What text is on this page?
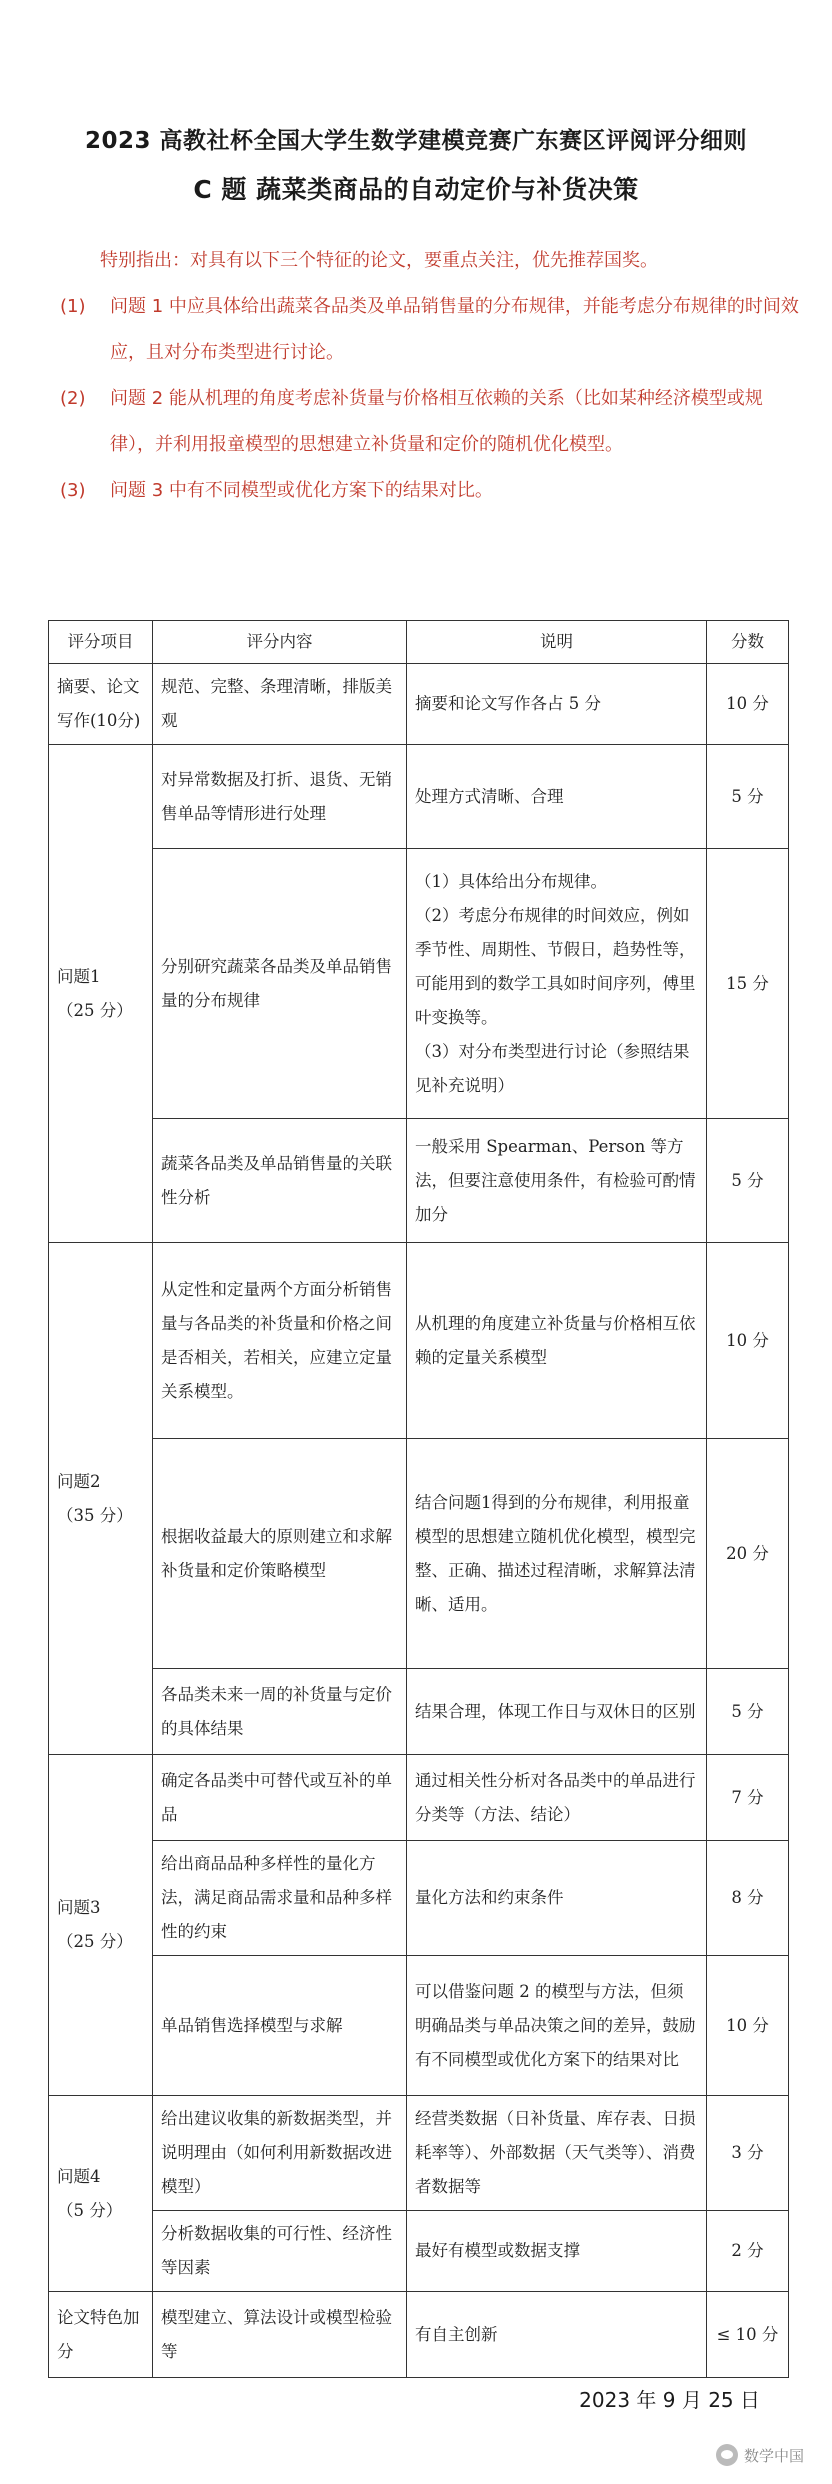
2023 高教社杯全国大学生数学建模竞赛广东赛区评阅评分细则
C 题 蔬菜类商品的自动定价与补货决策

特别指出：对具有以下三个特征的论文，要重点关注，优先推荐国奖。

(1) 问题 1 中应具体给出蔬菜各品类及单品销售量的分布规律，并能考虑分布规律的时间效应，且对分布类型进行讨论。

(2) 问题 2 能从机理的角度考虑补货量与价格相互依赖的关系（比如某种经济模型或规律），并利用报童模型的思想建立补货量和定价的随机优化模型。

(3) 问题 3 中有不同模型或优化方案下的结果对比。

评分项目	评分内容	说明	分数
摘要、论文写作(10分)	规范、完整、条理清晰，排版美观	摘要和论文写作各占 5 分	10 分
问题1
（25 分）	对异常数据及打折、退货、无销售单品等情形进行处理	处理方式清晰、合理	5 分
	分别研究蔬菜各品类及单品销售量的分布规律	（1）具体给出分布规律。
（2）考虑分布规律的时间效应，例如季节性、周期性、节假日，趋势性等，可能用到的数学工具如时间序列，傅里叶变换等。
（3）对分布类型进行讨论（参照结果见补充说明）	15 分
	蔬菜各品类及单品销售量的关联性分析	一般采用 Spearman、Person 等方法，但要注意使用条件，有检验可酌情加分	5 分
问题2
（35 分）	从定性和定量两个方面分析销售量与各品类的补货量和价格之间是否相关，若相关，应建立定量关系模型。	从机理的角度建立补货量与价格相互依赖的定量关系模型	10 分
	根据收益最大的原则建立和求解补货量和定价策略模型	结合问题1得到的分布规律，利用报童模型的思想建立随机优化模型，模型完整、正确、描述过程清晰，求解算法清晰、适用。	20 分
	各品类未来一周的补货量与定价的具体结果	结果合理，体现工作日与双休日的区别	5 分
问题3
（25 分）	确定各品类中可替代或互补的单品	通过相关性分析对各品类中的单品进行分类等（方法、结论）	7 分
	给出商品品种多样性的量化方法，满足商品需求量和品种多样性的约束	量化方法和约束条件	8 分
	单品销售选择模型与求解	可以借鉴问题 2 的模型与方法，但须明确品类与单品决策之间的差异，鼓励有不同模型或优化方案下的结果对比	10 分
问题4
（5 分）	给出建议收集的新数据类型，并说明理由（如何利用新数据改进模型）	经营类数据（日补货量、库存表、日损耗率等）、外部数据（天气类等）、消费者数据等	3 分
	分析数据收集的可行性、经济性等因素	最好有模型或数据支撑	2 分
论文特色加分	模型建立、算法设计或模型检验等	有自主创新	≤ 10 分
2023 年 9 月 25 日
数学中国
